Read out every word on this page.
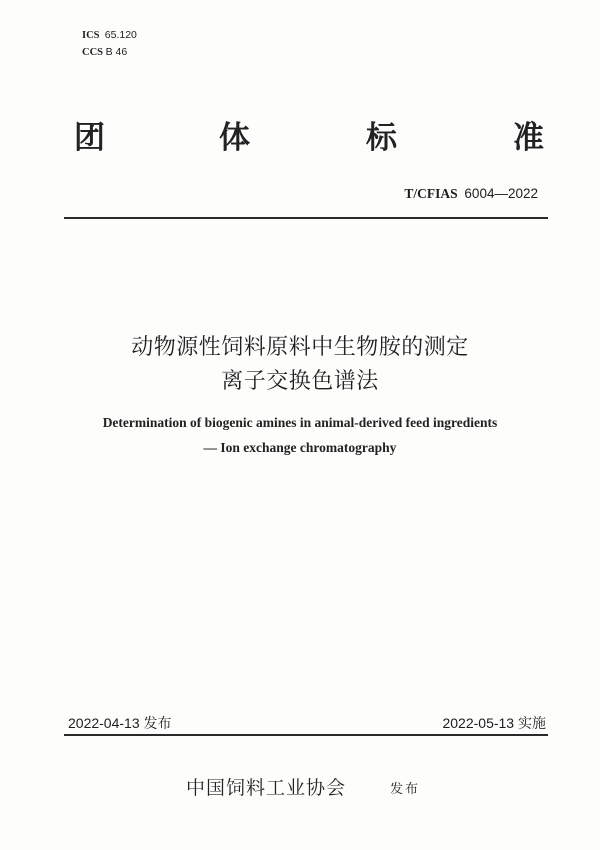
ICS 65.120
CCS B 46
团	体	标	准
T/CFIAS 6004—2022
动物源性饲料原料中生物胺的测定
离子交换色谱法
Determination of biogenic amines in animal-derived feed ingredients
— Ion exchange chromatography
2022-04-13 发布	2022-05-13 实施
中国饲料工业协会	发布
